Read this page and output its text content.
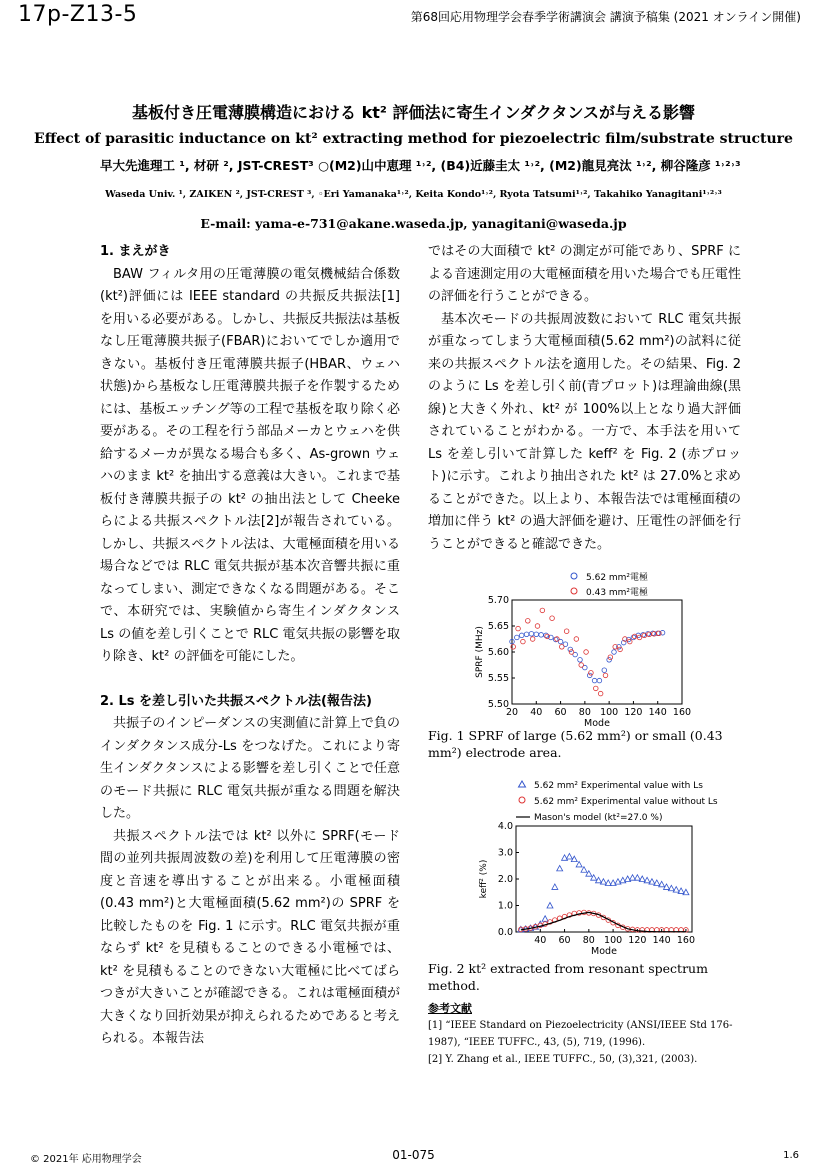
17p-Z13-5	第68回応用物理学会春季学術講演会 講演予稿集 (2021 オンライン開催)
基板付き圧電薄膜構造における kt² 評価法に寄生インダクタンスが与える影響
Effect of parasitic inductance on kt² extracting method for piezoelectric film/substrate structure
早大先進理工 ¹, 材研 ², JST-CREST³ ○(M2)山中恵理 ¹˒², (B4)近藤圭太 ¹˒², (M2)龍見亮汰 ¹˒², 柳谷隆彦 ¹˒²˒³
Waseda Univ. ¹, ZAIKEN ², JST-CREST ³, ◦Eri Yamanaka¹˒², Keita Kondo¹˒², Ryota Tatsumi¹˒², Takahiko Yanagitani¹˒²˒³
E-mail: yama-e-731@akane.waseda.jp, yanagitani@waseda.jp

1. まえがき

BAW フィルタ用の圧電薄膜の電気機械結合係数(kt²)評価には IEEE standard の共振反共振法[1]を用いる必要がある。しかし、共振反共振法は基板なし圧電薄膜共振子(FBAR)においてでしか適用できない。基板付き圧電薄膜共振子(HBAR、ウェハ状態)から基板なし圧電薄膜共振子を作製するためには、基板エッチング等の工程で基板を取り除く必要がある。その工程を行う部品メーカとウェハを供給するメーカが異なる場合も多く、As-grown ウェハのまま kt² を抽出する意義は大きい。これまで基板付き薄膜共振子の kt² の抽出法として Cheeke らによる共振スペクトル法[2]が報告されている。しかし、共振スペクトル法は、大電極面積を用いる場合などでは RLC 電気共振が基本次音響共振に重なってしまい、測定できなくなる問題がある。そこで、本研究では、実験値から寄生インダクタンス Ls の値を差し引くことで RLC 電気共振の影響を取り除き、kt² の評価を可能にした。

2. Ls を差し引いた共振スペクトル法(報告法)

共振子のインピーダンスの実測値に計算上で負のインダクタンス成分-Ls をつなげた。これにより寄生インダクタンスによる影響を差し引くことで任意のモード共振に RLC 電気共振が重なる問題を解決した。

共振スペクトル法では kt² 以外に SPRF(モード間の並列共振周波数の差)を利用して圧電薄膜の密度と音速を導出することが出来る。小電極面積(0.43 mm²)と大電極面積(5.62 mm²)の SPRF を比較したものを Fig. 1 に示す。RLC 電気共振が重ならず kt² を見積もることのできる小電極では、kt² を見積もることのできない大電極に比べてばらつきが大きいことが確認できる。これは電極面積が大きくなり回折効果が抑えられるためであると考えられる。本報告法

ではその大面積で kt² の測定が可能であり、SPRF による音速測定用の大電極面積を用いた場合でも圧電性の評価を行うことができる。

基本次モードの共振周波数において RLC 電気共振が重なってしまう大電極面積(5.62 mm²)の試料に従来の共振スペクトル法を適用した。その結果、Fig. 2 のように Ls を差し引く前(青プロット)は理論曲線(黒線)と大きく外れ、kt² が 100%以上となり過大評価されていることがわかる。一方で、本手法を用いて Ls を差し引いて計算した keff² を Fig. 2 (赤プロット)に示す。これより抽出された kt² は 27.0%と求めることができた。以上より、本報告法では電極面積の増加に伴う kt² の過大評価を避け、圧電性の評価を行うことができると確認できた。

20 40 60 80 100 120 140 160
5.50
5.55
5.60
5.65
5.70
Mode
SPRF (MHz)
5.62 mm²電極
0.43 mm²電極
Fig. 1 SPRF of large (5.62 mm²) or small (0.43 mm²) electrode area.
40 60 80 100 120 140 160
0.0
1.0
2.0
3.0
4.0
Mode
keff² (%)
5.62 mm² Experimental value with Ls
5.62 mm² Experimental value without Ls
Mason's model (kt²=27.0 %)
Fig. 2 kt² extracted from resonant spectrum method.
参考文献
[1] “IEEE Standard on Piezoelectricity (ANSI/IEEE Std 176-1987), “IEEE TUFFC., 43, (5), 719, (1996).
[2] Y. Zhang et al., IEEE TUFFC., 50, (3),321, (2003).
© 2021年 応用物理学会	01-075	1.6
